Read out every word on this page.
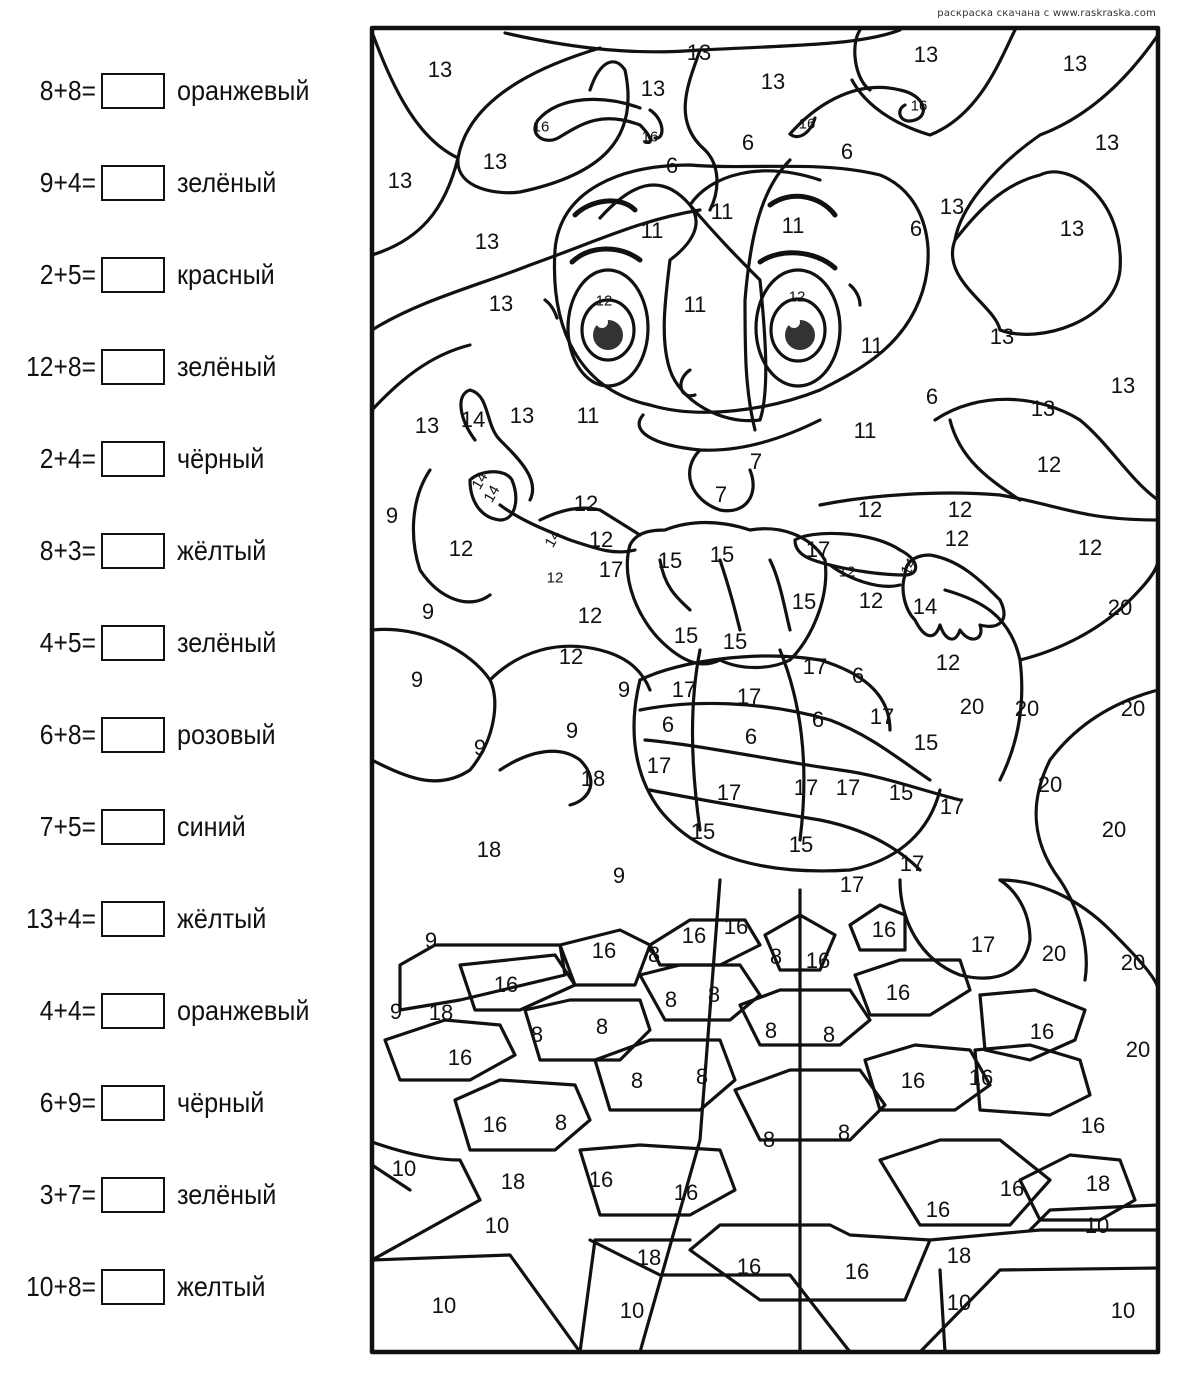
раскраска скачана с www.raskraska.com
8+8=	оранжевый
9+4=	зелёный
2+5=	красный
12+8=	зелёный
2+4=	чёрный
8+3=	жёлтый
4+5=	зелёный
6+8=	розовый
7+5=	синий
13+4=	жёлтый
4+4=	оранжевый
6+9=	чёрный
3+7=	зелёный
10+8=	желтый
13
13	13	13
13	13
16
16
16
16
13
13
6
6	6	13
13
6	13
11
11
11
13
13	11
12	12
11	13
13
6
13 14 13 11
11
13
7
7
12
9
14
14	12	12	12
12	14 12	12
17	12
15 15
17
12	12	14
9	12
15 12 14	20
15 15
12	12
9	9 17 17
17 6
20 20	20
9
9	6	6
6 17
15
18
17
17 17 17 15
17
20
20
18
15
15
9	17
17
9	16
16 16	16
17
8	8 16	20 20
16
8 8	16
9 18
8 8	8 8	16
20
16
8 8	16 16
16 8
8	8	16
10
18	16
16
16
16	18
10
18	16	16
18
10
10	10	10	10
